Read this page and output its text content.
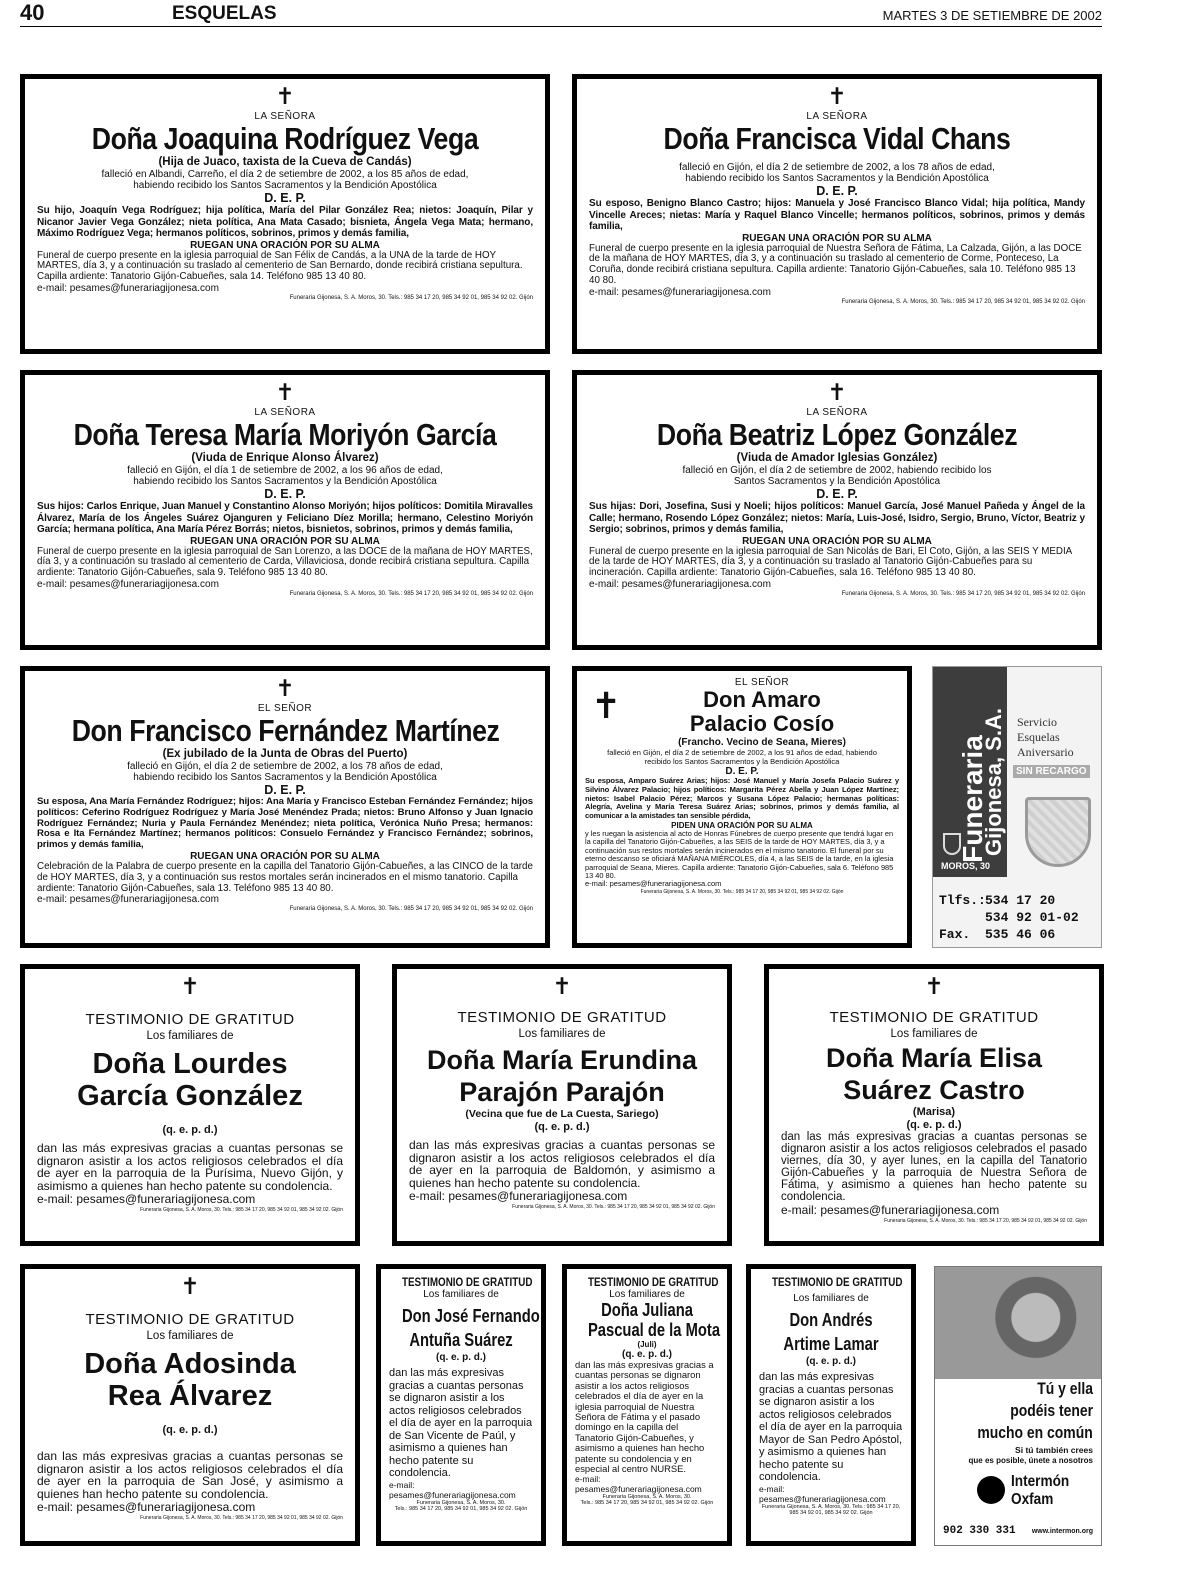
40	ESQUELAS	MARTES 3 DE SETIEMBRE DE 2002
✝
LA SEÑORA
Doña Joaquina Rodríguez Vega
(Hija de Juaco, taxista de la Cueva de Candás)
falleció en Albandi, Carreño, el día 2 de setiembre de 2002, a los 85 años de edad, habiendo recibido los Santos Sacramentos y la Bendición Apostólica
D. E. P.
Su hijo, Joaquín Vega Rodríguez; hija política, María del Pilar González Rea; nietos: Joaquín, Pilar y Nicanor Javier Vega González; nieta política, Ana Mata Casado; bisnieta, Ángela Vega Mata; hermano, Máximo Rodríguez Vega; hermanos políticos, sobrinos, primos y demás familia,
RUEGAN UNA ORACIÓN POR SU ALMA
Funeral de cuerpo presente en la iglesia parroquial de San Félix de Candás, a la UNA de la tarde de HOY MARTES, día 3, y a continuación su traslado al cementerio de San Bernardo, donde recibirá cristiana sepultura. Capilla ardiente: Tanatorio Gijón-Cabueñes, sala 14. Teléfono 985 13 40 80.
e-mail: pesames@funerariagijonesa.com
Funeraria Gijonesa, S. A. Moros, 30. Tels.: 985 34 17 20, 985 34 92 01, 985 34 92 02. Gijón
✝
LA SEÑORA
Doña Francisca Vidal Chans
falleció en Gijón, el día 2 de setiembre de 2002, a los 78 años de edad, habiendo recibido los Santos Sacramentos y la Bendición Apostólica
D. E. P.
Su esposo, Benigno Blanco Castro; hijos: Manuela y José Francisco Blanco Vidal; hija política, Mandy Vincelle Areces; nietas: María y Raquel Blanco Vincelle; hermanos políticos, sobrinos, primos y demás familia,
RUEGAN UNA ORACIÓN POR SU ALMA
Funeral de cuerpo presente en la iglesia parroquial de Nuestra Señora de Fátima, La Calzada, Gijón, a las DOCE de la mañana de HOY MARTES, día 3, y a continuación su traslado al cementerio de Corme, Ponteceso, La Coruña, donde recibirá cristiana sepultura. Capilla ardiente: Tanatorio Gijón-Cabueñes, sala 10. Teléfono 985 13 40 80.
e-mail: pesames@funerariagijonesa.com
Funeraria Gijonesa, S. A. Moros, 30. Tels.: 985 34 17 20, 985 34 92 01, 985 34 92 02. Gijón
✝
LA SEÑORA
Doña Teresa María Moriyón García
(Viuda de Enrique Alonso Álvarez)
falleció en Gijón, el día 1 de setiembre de 2002, a los 96 años de edad, habiendo recibido los Santos Sacramentos y la Bendición Apostólica
D. E. P.
Sus hijos: Carlos Enrique, Juan Manuel y Constantino Alonso Moriyón; hijos políticos: Domitila Miravalles Álvarez, María de los Ángeles Suárez Ojanguren y Feliciano Díez Morilla; hermano, Celestino Moriyón García; hermana política, Ana María Pérez Borrás; nietos, bisnietos, sobrinos, primos y demás familia,
RUEGAN UNA ORACIÓN POR SU ALMA
Funeral de cuerpo presente en la iglesia parroquial de San Lorenzo, a las DOCE de la mañana de HOY MARTES, día 3, y a continuación su traslado al cementerio de Carda, Villaviciosa, donde recibirá cristiana sepultura. Capilla ardiente: Tanatorio Gijón-Cabueñes, sala 9. Teléfono 985 13 40 80.
e-mail: pesames@funerariagijonesa.com
Funeraria Gijonesa, S. A. Moros, 30. Tels.: 985 34 17 20, 985 34 92 01, 985 34 92 02. Gijón
✝
LA SEÑORA
Doña Beatriz López González
(Viuda de Amador Iglesias González)
falleció en Gijón, el día 2 de setiembre de 2002, habiendo recibido los Santos Sacramentos y la Bendición Apostólica
D. E. P.
Sus hijas: Dori, Josefina, Susi y Noeli; hijos políticos: Manuel García, José Manuel Pañeda y Ángel de la Calle; hermano, Rosendo López González; nietos: María, Luis-José, Isidro, Sergio, Bruno, Víctor, Beatriz y Sergio; sobrinos, primos y demás familia,
RUEGAN UNA ORACIÓN POR SU ALMA
Funeral de cuerpo presente en la iglesia parroquial de San Nicolás de Bari, El Coto, Gijón, a las SEIS Y MEDIA de la tarde de HOY MARTES, día 3, y a continuación su traslado al Tanatorio Gijón-Cabueñes para su incineración. Capilla ardiente: Tanatorio Gijón-Cabueñes, sala 16. Teléfono 985 13 40 80.
e-mail: pesames@funerariagijonesa.com
Funeraria Gijonesa, S. A. Moros, 30. Tels.: 985 34 17 20, 985 34 92 01, 985 34 92 02. Gijón
✝
EL SEÑOR
Don Francisco Fernández Martínez
(Ex jubilado de la Junta de Obras del Puerto)
falleció en Gijón, el día 2 de setiembre de 2002, a los 78 años de edad, habiendo recibido los Santos Sacramentos y la Bendición Apostólica
D. E. P.
Su esposa, Ana María Fernández Rodríguez; hijos: Ana María y Francisco Esteban Fernández Fernández; hijos políticos: Ceferino Rodríguez Rodríguez y María José Menéndez Prada; nietos: Bruno Alfonso y Juan Ignacio Rodríguez Fernández; Nuria y Paula Fernández Menéndez; nieta política, Verónica Nuño Presa; hermanos: Rosa e Ita Fernández Martínez; hermanos políticos: Consuelo Fernández y Francisco Fernández; sobrinos, primos y demás familia,
RUEGAN UNA ORACIÓN POR SU ALMA
Celebración de la Palabra de cuerpo presente en la capilla del Tanatorio Gijón-Cabueñes, a las CINCO de la tarde de HOY MARTES, día 3, y a continuación sus restos mortales serán incinerados en el mismo tanatorio. Capilla ardiente: Tanatorio Gijón-Cabueñes, sala 13. Teléfono 985 13 40 80.
e-mail: pesames@funerariagijonesa.com
Funeraria Gijonesa, S. A. Moros, 30. Tels.: 985 34 17 20, 985 34 92 01, 985 34 92 02. Gijón
✝
EL SEÑOR
Don Amaro
Palacio Cosío
(Francho. Vecino de Seana, Mieres)
falleció en Gijón, el día 2 de setiembre de 2002, a los 91 años de edad, habiendo recibido los Santos Sacramentos y la Bendición Apostólica
D. E. P.
Su esposa, Amparo Suárez Arias; hijos: José Manuel y María Josefa Palacio Suárez y Silvino Álvarez Palacio; hijos políticos: Margarita Pérez Abella y Juan López Martínez; nietos: Isabel Palacio Pérez; Marcos y Susana López Palacio; hermanas políticas: Alegría, Avelina y María Teresa Suárez Arias; sobrinos, primos y demás familia, al comunicar a la amistades tan sensible pérdida,
PIDEN UNA ORACIÓN POR SU ALMA
y les ruegan la asistencia al acto de Honras Fúnebres de cuerpo presente que tendrá lugar en la capilla del Tanatorio Gijón-Cabueñes, a las SEIS de la tarde de HOY MARTES, día 3, y a continuación sus restos mortales serán incinerados en el mismo tanatorio. El funeral por su eterno descanso se oficiará MAÑANA MIÉRCOLES, día 4, a las SEIS de la tarde, en la iglesia parroquial de Seana, Mieres. Capilla ardiente: Tanatorio Gijón-Cabueñes, sala 6. Teléfono 985 13 40 80.
e-mail: pesames@funerariagijonesa.com
Funeraria Gijonesa, S. A. Moros, 30. Tels.: 985 34 17 20, 985 34 92 01, 985 34 92 02. Gijón
Funeraria
Gijonesa, S.A.
MOROS, 30
Servicio
Esquelas
Aniversario
SIN RECARGO
Tlfs.: 534 17 20
534 92 01-02
Fax. 535 46 06
✝
TESTIMONIO DE GRATITUD
Los familiares de
Doña Lourdes
García González
(q. e. p. d.)
dan las más expresivas gracias a cuantas personas se dignaron asistir a los actos religiosos celebrados el día de ayer en la parroquia de la Purísima, Nuevo Gijón, y asimismo a quienes han hecho patente su condolencia.
e-mail: pesames@funerariagijonesa.com
Funeraria Gijonesa, S. A. Moros, 30. Tels.: 985 34 17 20, 985 34 92 01, 985 34 92 02. Gijón
✝
TESTIMONIO DE GRATITUD
Los familiares de
Doña María Erundina
Parajón Parajón
(Vecina que fue de La Cuesta, Sariego)
(q. e. p. d.)
dan las más expresivas gracias a cuantas personas se dignaron asistir a los actos religiosos celebrados el día de ayer en la parroquia de Baldomón, y asimismo a quienes han hecho patente su condolencia.
e-mail: pesames@funerariagijonesa.com
Funeraria Gijonesa, S. A. Moros, 30. Tels.: 985 34 17 20, 985 34 92 01, 985 34 92 02. Gijón
✝
TESTIMONIO DE GRATITUD
Los familiares de
Doña María Elisa
Suárez Castro
(Marisa)
(q. e. p. d.)
dan las más expresivas gracias a cuantas personas se dignaron asistir a los actos religiosos celebrados el pasado viernes, día 30, y ayer lunes, en la capilla del Tanatorio Gijón-Cabueñes y la parroquia de Nuestra Señora de Fátima, y asimismo a quienes han hecho patente su condolencia.
e-mail: pesames@funerariagijonesa.com
Funeraria Gijonesa, S. A. Moros, 30. Tels.: 985 34 17 20, 985 34 92 01, 985 34 92 02. Gijón
✝
TESTIMONIO DE GRATITUD
Los familiares de
Doña Adosinda
Rea Álvarez
(q. e. p. d.)
dan las más expresivas gracias a cuantas personas se dignaron asistir a los actos religiosos celebrados el día de ayer en la parroquia de San José, y asimismo a quienes han hecho patente su condolencia.
e-mail: pesames@funerariagijonesa.com
Funeraria Gijonesa, S. A. Moros, 30. Tels.: 985 34 17 20, 985 34 92 01, 985 34 92 02. Gijón
TESTIMONIO DE GRATITUD
Los familiares de
Don José Fernando
Antuña Suárez
(q. e. p. d.)
dan las más expresivas gracias a cuantas personas se dignaron asistir a los actos religiosos celebrados el día de ayer en la parroquia de San Vicente de Paúl, y asimismo a quienes han hecho patente su condolencia.
e-mail: pesames@funerariagijonesa.com
Funeraria Gijonesa, S. A. Moros, 30.
Tels.: 985 34 17 20, 985 34 92 01, 985 34 92 02. Gijón
TESTIMONIO DE GRATITUD
Los familiares de
Doña Juliana
Pascual de la Mota
(Juli)
(q. e. p. d.)
dan las más expresivas gracias a cuantas personas se dignaron asistir a los actos religiosos celebrados el día de ayer en la iglesia parroquial de Nuestra Señora de Fátima y el pasado domingo en la capilla del Tanatorio Gijón-Cabueñes, y asimismo a quienes han hecho patente su condolencia y en especial al centro NURSE.
e-mail: pesames@funerariagijonesa.com
Funeraria Gijonesa, S. A. Moros, 30.
Tels.: 985 34 17 20, 985 34 92 01, 985 34 92 02. Gijón
TESTIMONIO DE GRATITUD
Los familiares de
Don Andrés
Artime Lamar
(q. e. p. d.)
dan las más expresivas gracias a cuantas personas se dignaron asistir a los actos religiosos celebrados el día de ayer en la parroquia Mayor de San Pedro Apóstol, y asimismo a quienes han hecho patente su condolencia.
e-mail: pesames@funerariagijonesa.com
Funeraria Gijonesa, S. A. Moros, 30. Tels.: 985 34 17 20, 985 34 92 01, 985 34 92 02. Gijón
Tú y ella
podéis tener
mucho en común
Si tú también crees
que es posible, únete a nosotros
Intermón
Oxfam
902 330 331 www.intermon.org
